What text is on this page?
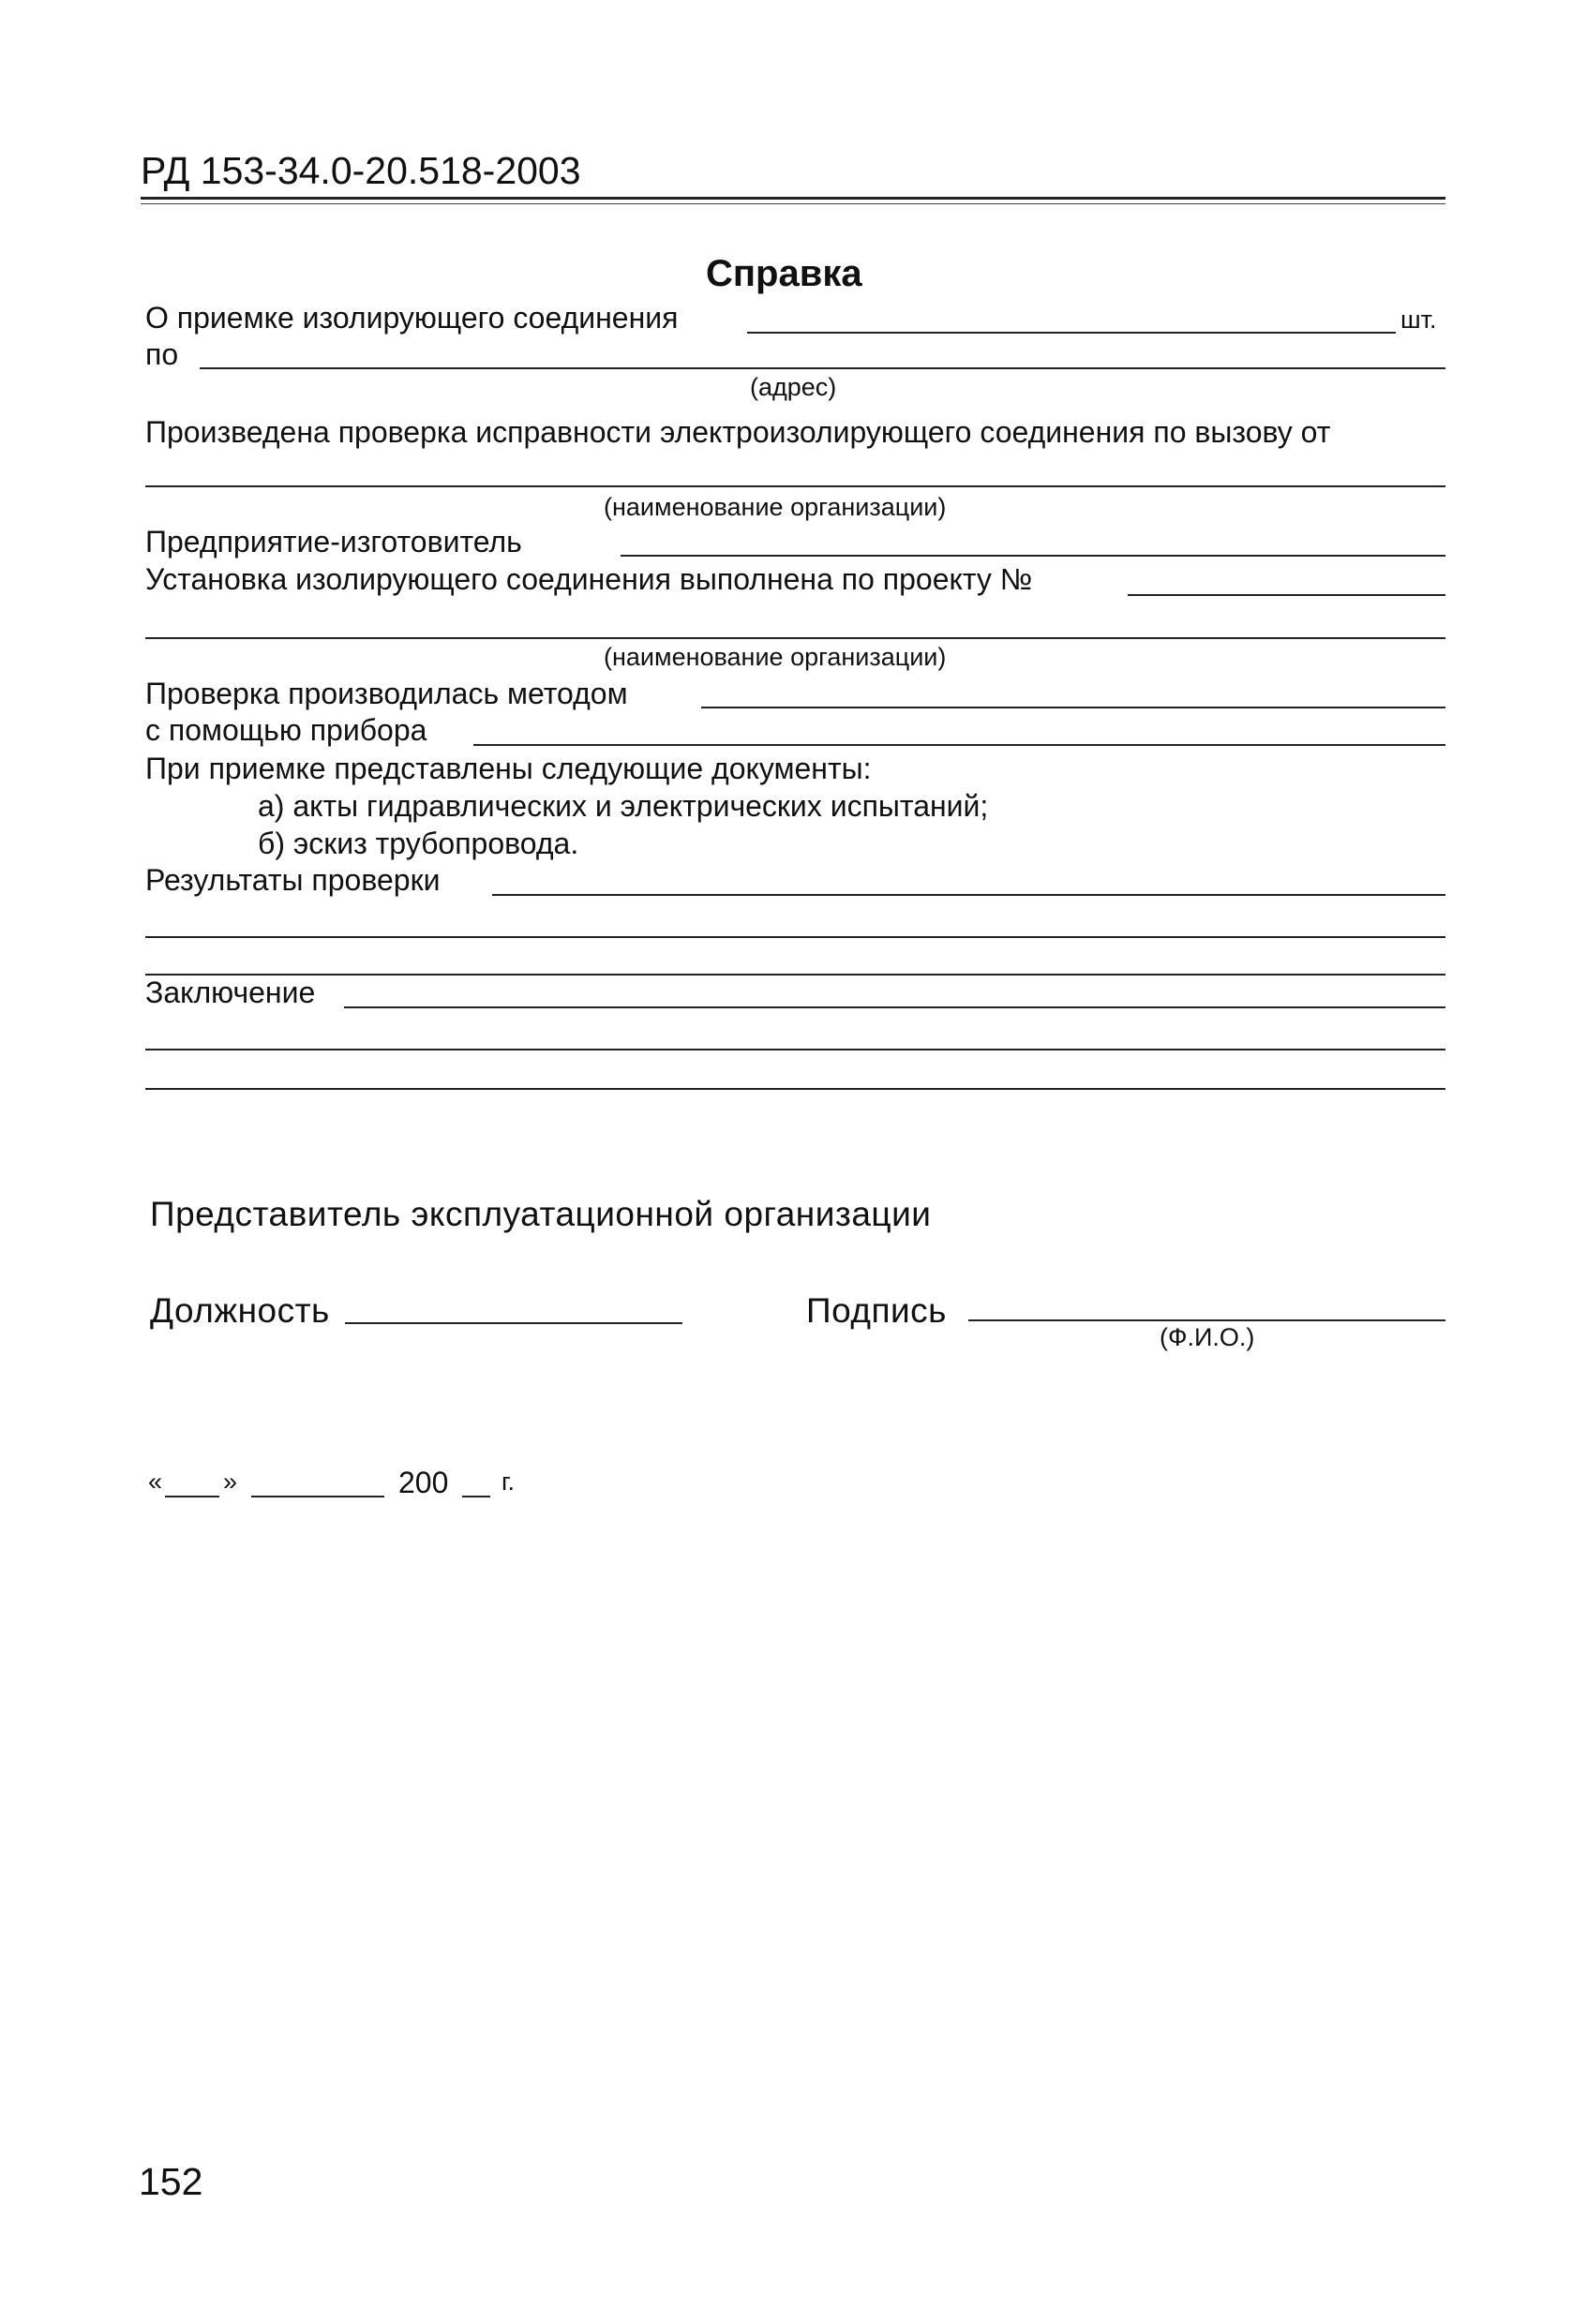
РД 153-34.0-20.518-2003
Справка
О приемке изолирующего соединения	шт.
по
(адрес)
Произведена проверка исправности электроизолирующего соединения по вызову от
(наименование организации)
Предприятие-изготовитель
Установка изолирующего соединения выполнена по проекту №
(наименование организации)
Проверка производилась методом
с помощью прибора
При приемке представлены следующие документы:
а) акты гидравлических и электрических испытаний;
б) эскиз трубопровода.
Результаты проверки
Заключение
Представитель эксплуатационной организации
Должность	Подпись
(Ф.И.О.)
« »	200 г.
152
